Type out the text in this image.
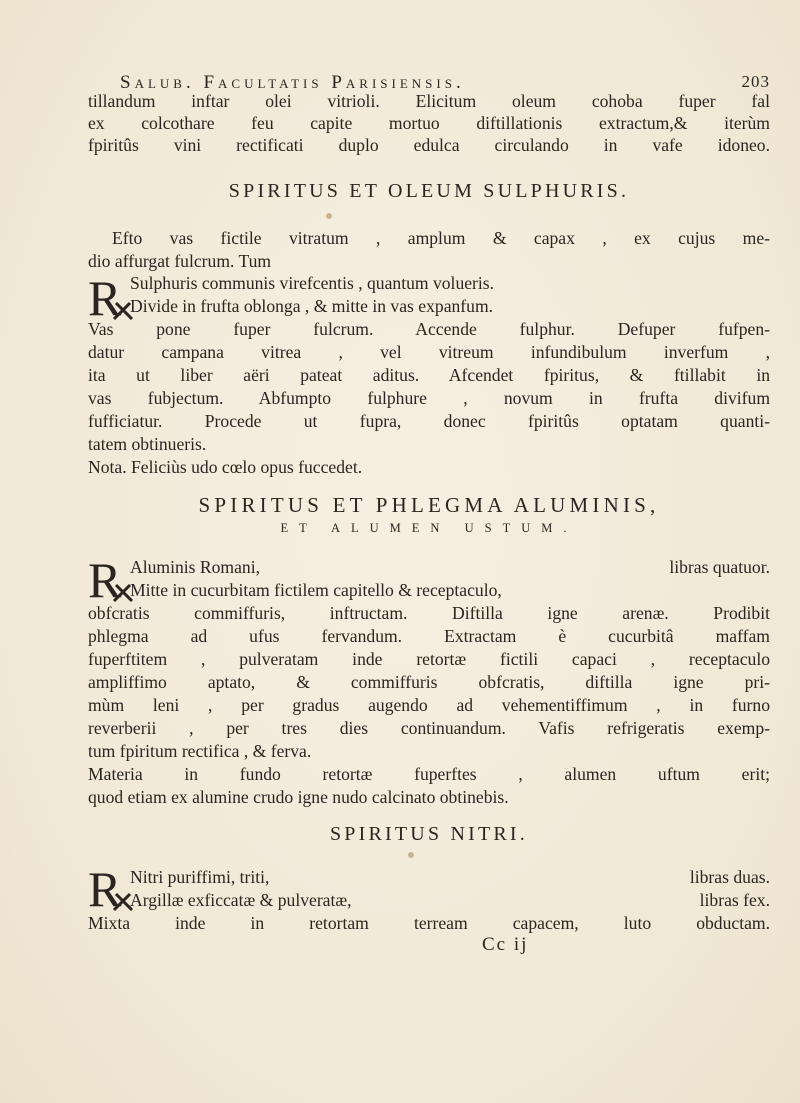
Salub. Facultatis Parisiensis.	203
tillandum inftar olei vitrioli. Elicitum oleum cohoba fuper fal
ex colcothare feu capite mortuo diftillationis extractum,& iterùm
fpiritûs vini rectificati duplo edulca circulando in vafe idoneo.
SPIRITUS ET OLEUM SULPHURIS.
Efto vas fictile vitratum , amplum & capax , ex cujus me-
dio affurgat fulcrum. Tum
R Sulphuris communis virefcentis , quantum volueris.
Divide in frufta oblonga , & mitte in vas expanfum.
Vas pone fuper fulcrum. Accende fulphur. Defuper fufpen-
datur campana vitrea , vel vitreum infundibulum inverfum ,
ita ut liber aëri pateat aditus. Afcendet fpiritus, & ftillabit in
vas fubjectum. Abfumpto fulphure , novum in frufta divifum
fufficiatur. Procede ut fupra, donec fpiritûs optatam quanti-
tatem obtinueris.
Nota. Feliciùs udo cœlo opus fuccedet.
SPIRITUS ET PHLEGMA ALUMINIS,
ET ALUMEN USTUM.
R Aluminis Romani,	libras quatuor.
Mitte in cucurbitam fictilem capitello & receptaculo,
obfcratis commiffuris, inftructam. Diftilla igne arenæ. Prodibit
phlegma ad ufus fervandum. Extractam è cucurbitâ maffam
fuperftitem , pulveratam inde retortæ fictili capaci , receptaculo
ampliffimo aptato, & commiffuris obfcratis, diftilla igne pri-
mùm leni , per gradus augendo ad vehementiffimum , in furno
reverberii , per tres dies continuandum. Vafis refrigeratis exemp-
tum fpiritum rectifica , & ferva.
Materia in fundo retortæ fuperftes , alumen uftum erit;
quod etiam ex alumine crudo igne nudo calcinato obtinebis.
SPIRITUS NITRI.
R Nitri puriffimi, triti,	libras duas.
Argillæ exficcatæ & pulveratæ,	libras fex.
Mixta inde in retortam terream capacem, luto obductam.
Cc ij
